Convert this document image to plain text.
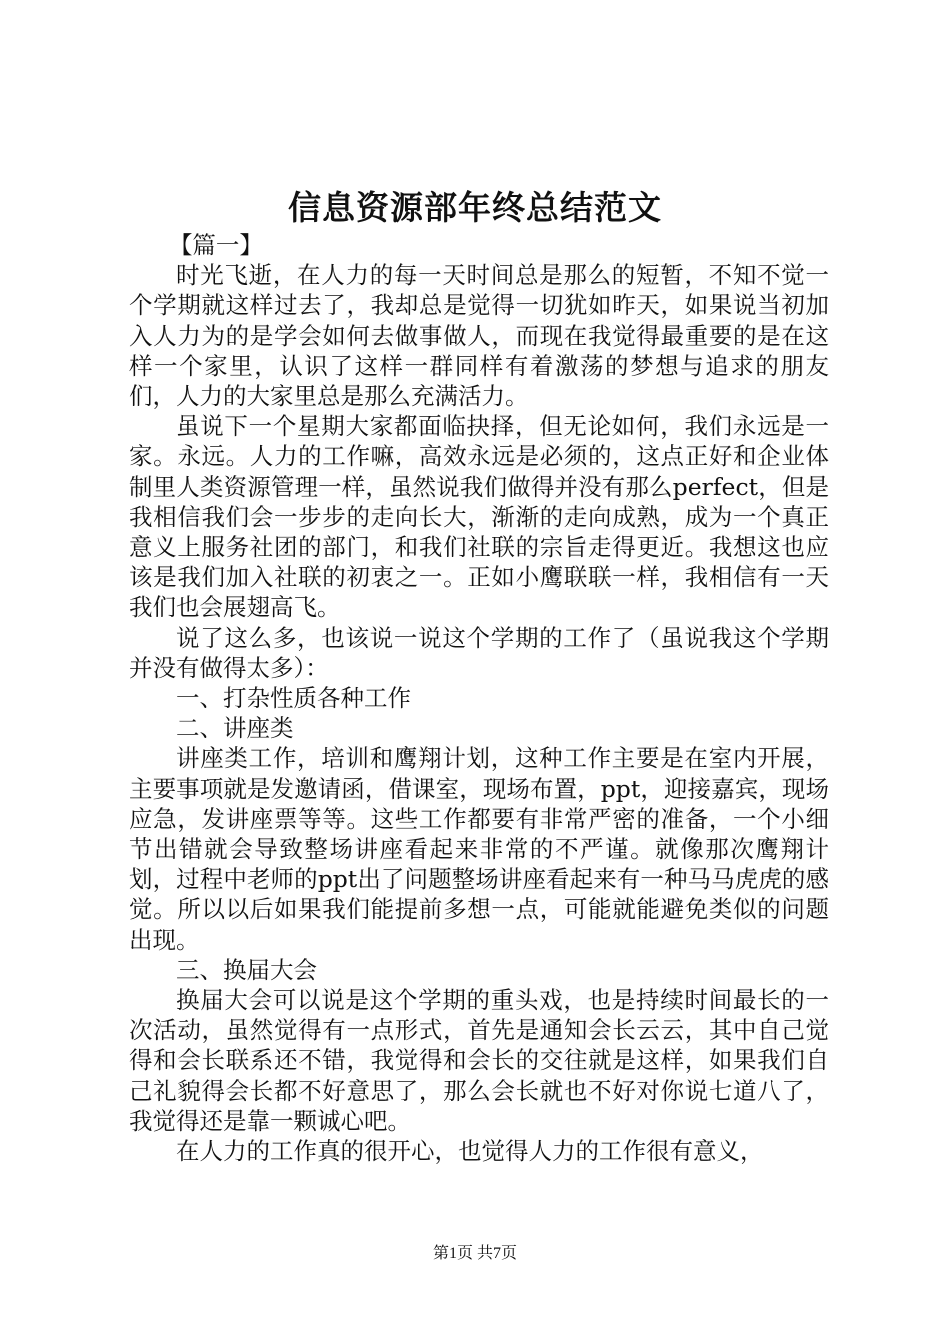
信息资源部年终总结范文

【篇一】

时光飞逝，在人力的每一天时间总是那么的短暂，不知不觉一个学期就这样过去了，我却总是觉得一切犹如昨天，如果说当初加入人力为的是学会如何去做事做人，而现在我觉得最重要的是在这样一个家里，认识了这样一群同样有着激荡的梦想与追求的朋友们，人力的大家里总是那么充满活力。

虽说下一个星期大家都面临抉择，但无论如何，我们永远是一家。永远。人力的工作嘛，高效永远是必须的，这点正好和企业体制里人类资源管理一样，虽然说我们做得并没有那么perfect，但是我相信我们会一步步的走向长大，渐渐的走向成熟，成为一个真正意义上服务社团的部门，和我们社联的宗旨走得更近。我想这也应该是我们加入社联的初衷之一。正如小鹰联联一样，我相信有一天我们也会展翅高飞。

说了这么多，也该说一说这个学期的工作了（虽说我这个学期并没有做得太多）：

一、打杂性质各种工作

二、讲座类

讲座类工作，培训和鹰翔计划，这种工作主要是在室内开展，主要事项就是发邀请函，借课室，现场布置，ppt，迎接嘉宾，现场应急，发讲座票等等。这些工作都要有非常严密的准备，一个小细节出错就会导致整场讲座看起来非常的不严谨。就像那次鹰翔计划，过程中老师的ppt出了问题整场讲座看起来有一种马马虎虎的感觉。所以以后如果我们能提前多想一点，可能就能避免类似的问题出现。

三、换届大会

换届大会可以说是这个学期的重头戏，也是持续时间最长的一次活动，虽然觉得有一点形式，首先是通知会长云云，其中自己觉得和会长联系还不错，我觉得和会长的交往就是这样，如果我们自己礼貌得会长都不好意思了，那么会长就也不好对你说七道八了，我觉得还是靠一颗诚心吧。

在人力的工作真的很开心，也觉得人力的工作很有意义，

第1页 共7页
